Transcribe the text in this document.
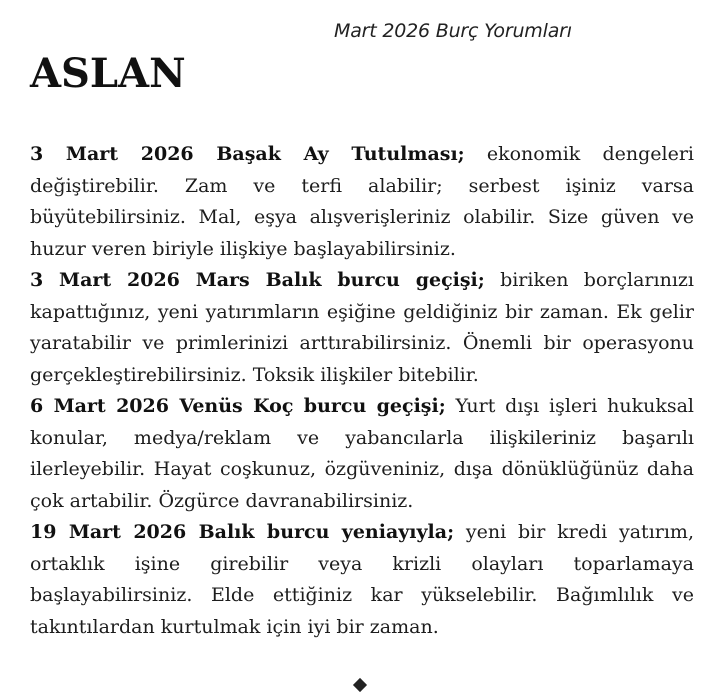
Mart 2026 Burç Yorumları
ASLAN

3 Mart 2026 Başak Ay Tutulması; ekonomik dengeleri değiştirebilir. Zam ve terfi alabilir; serbest işiniz varsa büyütebilirsiniz. Mal, eşya alışverişleriniz olabilir. Size güven ve huzur veren biriyle ilişkiye başlayabilirsiniz.

3 Mart 2026 Mars Balık burcu geçişi; biriken borçlarınızı kapattığınız, yeni yatırımların eşiğine geldiğiniz bir zaman. Ek gelir yaratabilir ve primlerinizi arttırabilirsiniz. Önemli bir operasyonu gerçekleştirebilirsiniz. Toksik ilişkiler bitebilir.

6 Mart 2026 Venüs Koç burcu geçişi; Yurt dışı işleri hukuksal konular, medya/reklam ve yabancılarla ilişkileriniz başarılı ilerleyebilir. Hayat coşkunuz, özgüveniniz, dışa dönüklüğünüz daha çok artabilir. Özgürce davranabilirsiniz.

19 Mart 2026 Balık burcu yeniayıyla; yeni bir kredi yatırım, ortaklık işine girebilir veya krizli olayları toparlamaya başlayabilirsiniz. Elde ettiğiniz kar yükselebilir. Bağımlılık ve takıntılardan kurtulmak için iyi bir zaman.
